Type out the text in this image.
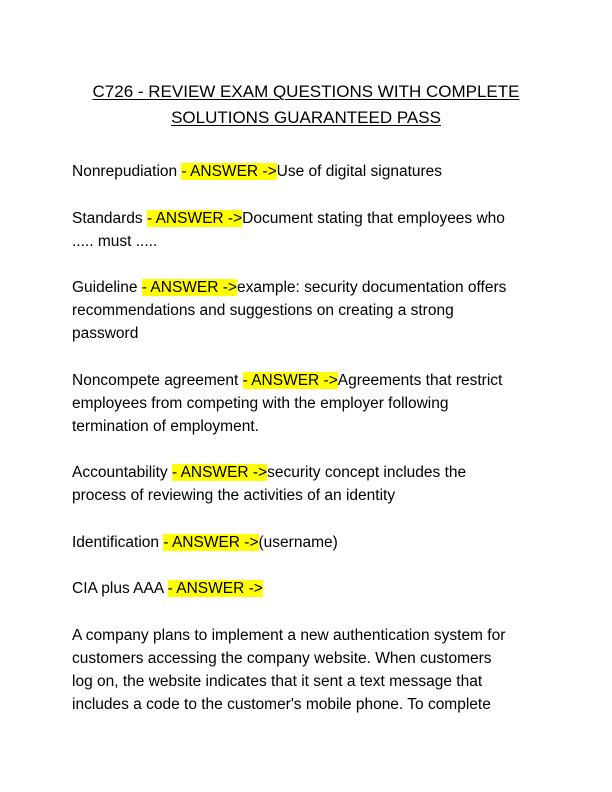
C726 - REVIEW EXAM QUESTIONS WITH COMPLETE
SOLUTIONS GUARANTEED PASS
Nonrepudiation - ANSWER ->Use of digital signatures
Standards - ANSWER ->Document stating that employees who
..... must .....
Guideline - ANSWER ->example: security documentation offers
recommendations and suggestions on creating a strong
password
Noncompete agreement - ANSWER ->Agreements that restrict
employees from competing with the employer following
termination of employment.
Accountability - ANSWER ->security concept includes the
process of reviewing the activities of an identity
Identification - ANSWER ->(username)
CIA plus AAA - ANSWER ->
A company plans to implement a new authentication system for
customers accessing the company website. When customers
log on, the website indicates that it sent a text message that
includes a code to the customer's mobile phone. To complete
